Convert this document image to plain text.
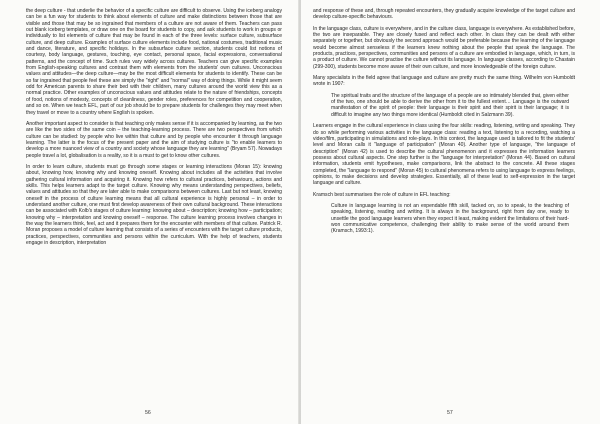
the deep culture - that underlie the behavior of a specific culture are difficult to observe. Using the iceberg analogy can be a fun way for students to think about elements of culture and make distinctions between those that are visible and those that may be so ingrained that members of a culture are not aware of them. Teachers can pass out blank iceberg templates, or draw one on the board for students to copy, and ask students to work in groups or individually to list elements of culture that may be found in each of the three levels: surface culture, subsurface culture, and deep culture. Examples of surface culture elements include food, national costumes, traditional music and dance, literature, and specific holidays. In the subsurface culture section, students could list notions of courtesy, body language, gestures, touching, eye contact, personal space, facial expressions, conversational patterns, and the concept of time. Such rules vary widely across cultures. Teachers can give specific examples from English-speaking cultures and contrast them with elements from the students' own cultures. Unconscious values and attitudes—the deep culture—may be the most difficult elements for students to identify. These can be so far ingrained that people feel these are simply the "right" and "normal" way of doing things. While it might seem odd for American parents to share their bed with their children, many cultures around the world view this as a normal practice. Other examples of unconscious values and attitudes relate to the nature of friendships, concepts of food, notions of modesty, concepts of cleanliness, gender roles, preferences for competition and cooperation, and so on. When we teach EFL, part of our job should be to prepare students for challenges they may meet when they travel or move to a country where English is spoken.

Another important aspect to consider is that teaching only makes sense if it is accompanied by learning, as the two are like the two sides of the same coin – the teaching-learning process. There are two perspectives from which culture can be studied: by people who live within that culture and by people who encounter it through language learning. The latter is the focus of the present paper and the aim of studying culture is "to enable learners to develop a more nuanced view of a country and society whose language they are learning" (Bryam 57). Nowadays people travel a lot, globalisation is a reality, so it is a must to get to know other cultures.

In order to learn culture, students must go through some stages or learning interactions (Moran 15): knowing about, knowing how, knowing why and knowing oneself. Knowing about includes all the activities that involve gathering cultural information and acquiring it. Knowing how refers to cultural practices, behaviours, actions and skills. This helps learners adapt to the target culture. Knowing why means understanding perspectives, beliefs, values and attitudes so that they are later able to make comparisons between cultures. Last but not least, knowing oneself in the process of culture learning means that all cultural experience is highly personal – in order to understand another culture, one must first develop awareness of their own cultural background. These interactions can be associated with Kolb's stages of culture learning: knowing about – description; knowing how – participation; knowing why – interpretation and knowing oneself – response. The culture learning process involves changes in the way the learners think, feel, act and it prepares them for the encounter with members of that culture. Patrick R. Moran proposes a model of culture learning that consists of a series of encounters with the target culture products, practices, perspectives, communities and persons within the curriculum. With the help of teachers, students engage in description, interpretation

56

and response of these and, through repeated encounters, they gradually acquire knowledge of the target culture and develop culture-specific behaviours.

In the language class, culture is everywhere, and in the culture class, language is everywhere. As established before, the two are inseparable. They are closely fused and reflect each other. In class they can be dealt with either separately or together, but obviously the second approach would be preferable because the learning of the language would become almost senseless if the learners knew nothing about the people that speak the language. The products, practices, perspectives, communities and persons of a culture are embodied in language, which, in turn, is a product of culture. We cannot practise the culture without its language. In language classes, according to Chastain (299-300), students become more aware of their own culture, and more knowledgeable of the foreign culture.

Many specialists in the field agree that language and culture are pretty much the same thing. Wilhelm von Humboldt wrote in 1907:

The spiritual traits and the structure of the language of a people are so intimately blended that, given either of the two, one should be able to derive the other from it to the fullest extent… Language is the outward manifestation of the spirit of people: their language is their spirit and their spirit is their language; it is difficult to imagine any two things more identical (Humboldt cited in Salzmann 39).

Learners engage in the cultural experience in class using the four skills: reading, listening, writing and speaking. They do so while performing various activities in the language class: reading a text, listening to a recording, watching a video/film, participating in simulations and role-plays. In this context, the language used is tailored to fit the students' level and Moran calls it "language of participation" (Moran 40). Another type of language, "the language of description" (Moran 42) is used to describe the cultural phenomenon and it expresses the information learners possess about cultural aspects. One step further is the "language for interpretation" (Moran 44). Based on cultural information, students emit hypotheses, make comparisons, link the abstract to the concrete. All these stages completed, the "language to respond" (Moran 45) to cultural phenomena refers to using language to express feelings, opinions, to make decisions and develop strategies. Essentially, all of these lead to self-expression in the target language and culture.

Kramsch best summarises the role of culture in EFL teaching:

Culture in language learning is not an expendable fifth skill, tacked on, so to speak, to the teaching of speaking, listening, reading and writing. It is always in the background, right from day one, ready to unsettle the good language learners when they expect it least, making evident the limitations of their hard-won communicative competence, challenging their ability to make sense of the world around them (Kramsch, 1993:1).

57
